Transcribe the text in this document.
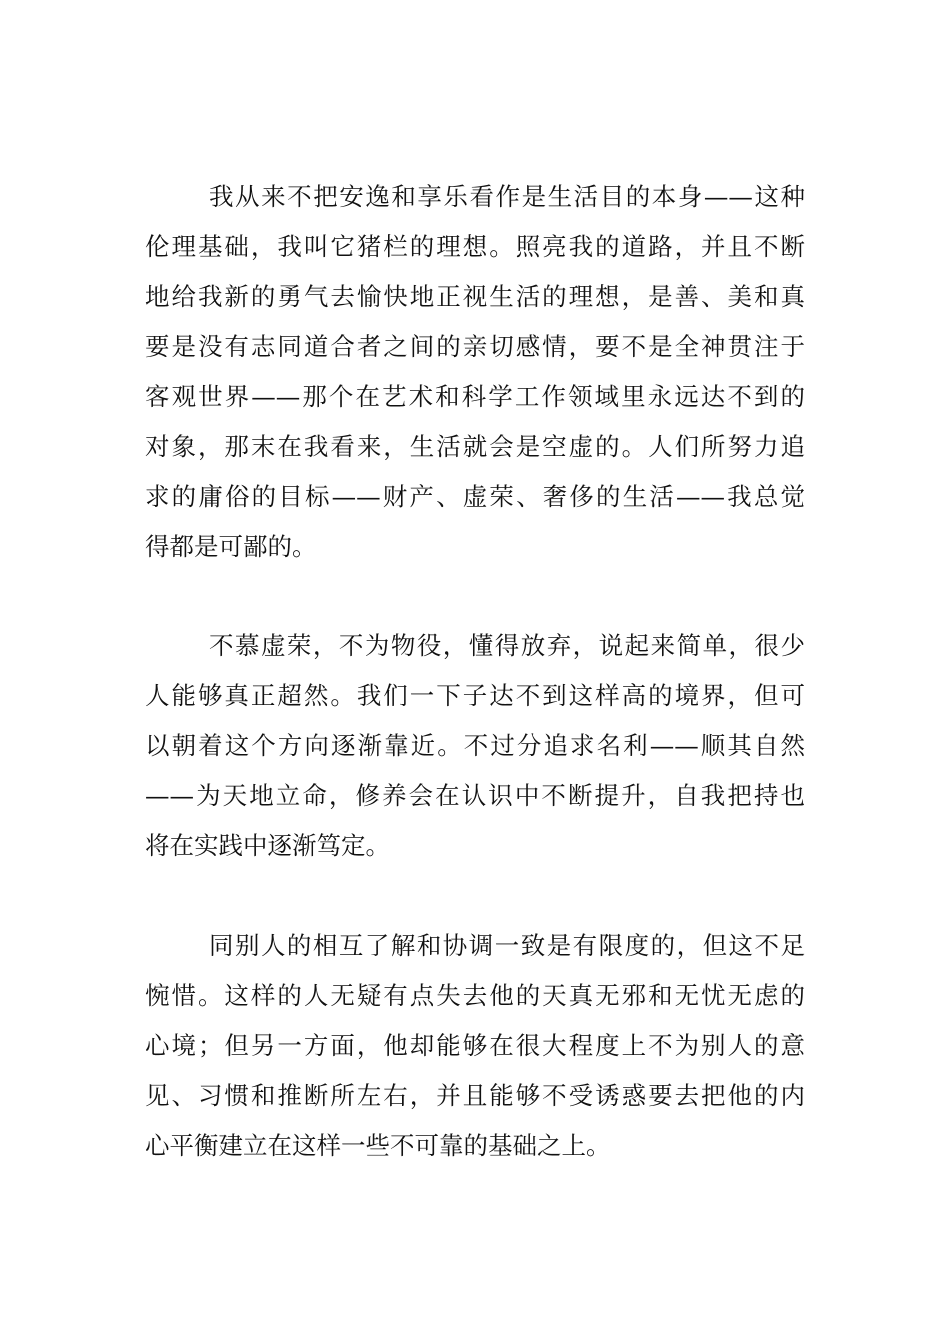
我从来不把安逸和享乐看作是生活目的本身——这种

伦理基础，我叫它猪栏的理想。照亮我的道路，并且不断

地给我新的勇气去愉快地正视生活的理想，是善、美和真

要是没有志同道合者之间的亲切感情，要不是全神贯注于

客观世界——那个在艺术和科学工作领域里永远达不到的

对象，那末在我看来，生活就会是空虚的。人们所努力追

求的庸俗的目标——财产、虚荣、奢侈的生活——我总觉

得都是可鄙的。

不慕虚荣，不为物役，懂得放弃，说起来简单，很少

人能够真正超然。我们一下子达不到这样高的境界，但可

以朝着这个方向逐渐靠近。不过分追求名利——顺其自然

——为天地立命，修养会在认识中不断提升，自我把持也

将在实践中逐渐笃定。

同别人的相互了解和协调一致是有限度的，但这不足

惋惜。这样的人无疑有点失去他的天真无邪和无忧无虑的

心境；但另一方面，他却能够在很大程度上不为别人的意

见、习惯和推断所左右，并且能够不受诱惑要去把他的内

心平衡建立在这样一些不可靠的基础之上。
